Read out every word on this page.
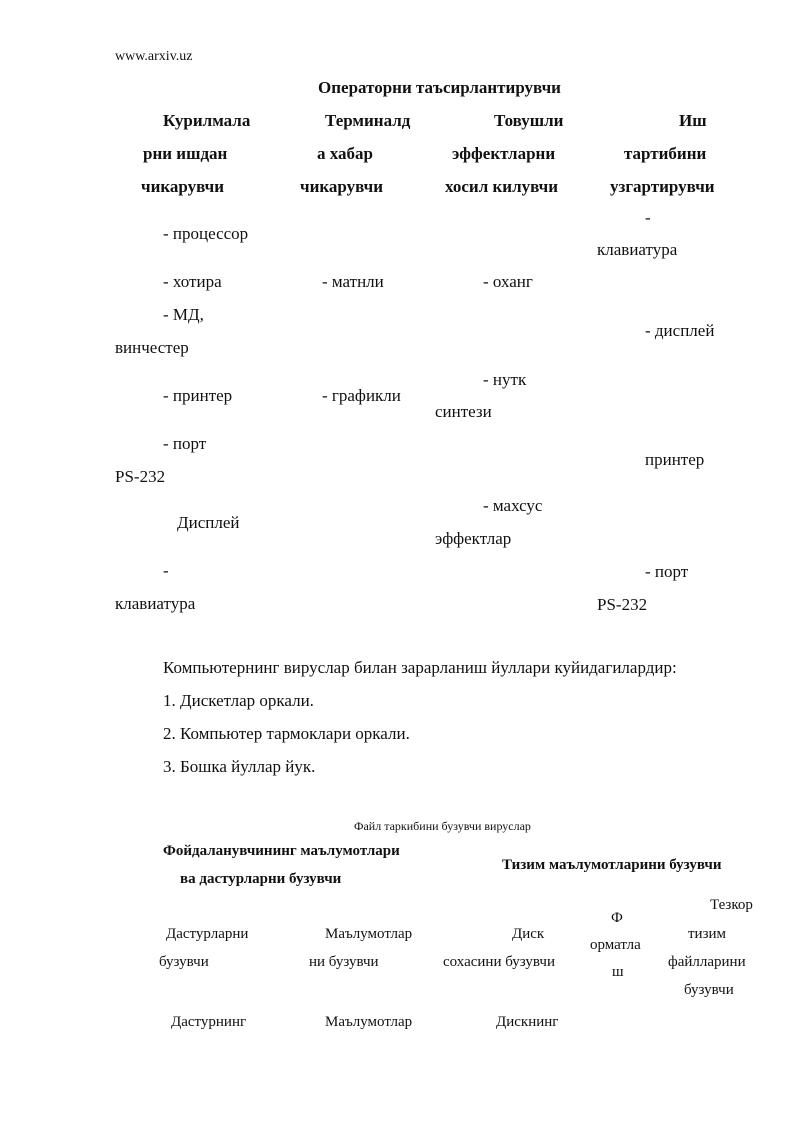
www.arxiv.uz
Операторни таъсирлантирувчи
Курилмала
рни ишдан
чикарувчи
Терминалд
а хабар
чикарувчи
Товушли
эффектларни
хосил килувчи
Иш
тартибини
узгартирувчи
- процессор
- хотира
- МД,
винчестер
- принтер
- порт
PS-232
Дисплей
-
клавиатура
- матнли
- графикли
- оханг
- нутк
синтези
- махсус
эффектлар
-
клавиатура
- дисплей
принтер
- порт
PS-232
Компьютернинг вируслар билан зарарланиш йуллари куйидагилардир:
1. Дискетлар оркали.
2. Компьютер тармоклари оркали.
3. Бошка йуллар йук.
Файл таркибини бузувчи вируслар
Фойдаланувчининг маълумотлари
ва дастурларни бузувчи
Тизим маълумотларини бузувчи
Дастурларни
бузувчи
Маълумотлар
ни бузувчи
Диск
сохасини бузувчи
Ф
орматла
ш
Тезкор
тизим
файлларини
бузувчи
Дастурнинг	Маълумотлар	Дискнинг
